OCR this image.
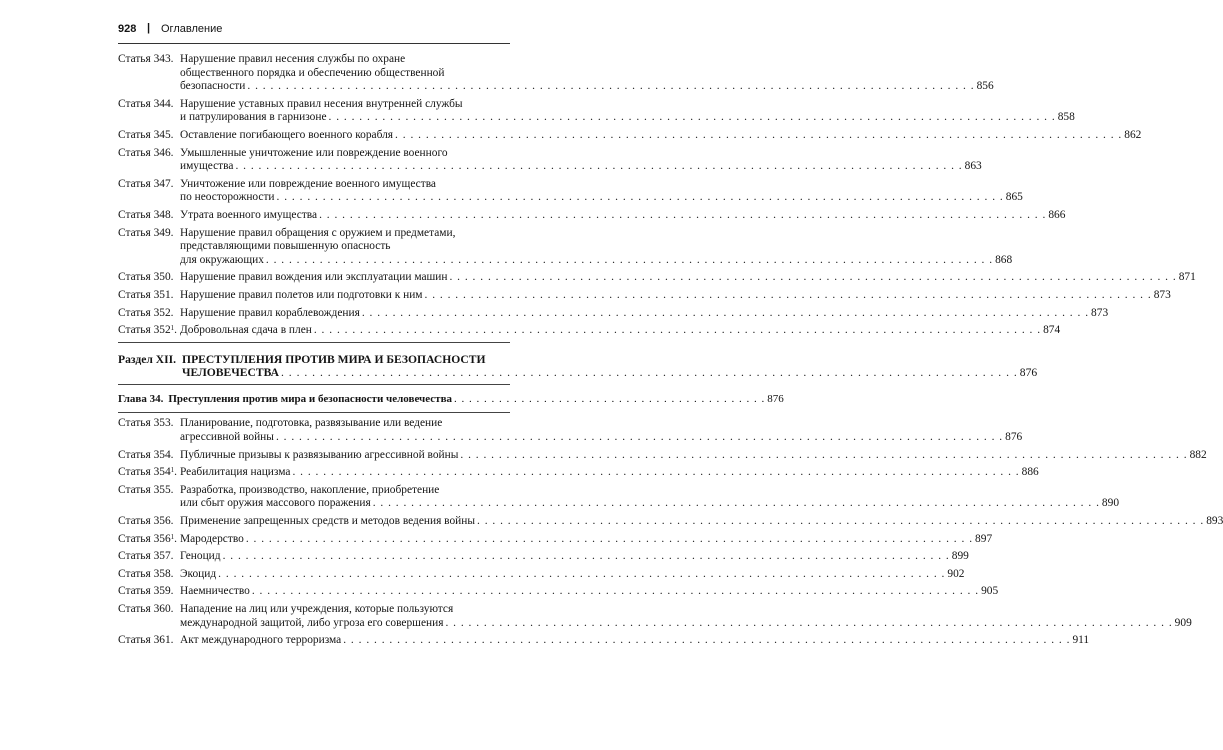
928 | Оглавление
Статья 343. Нарушение правил несения службы по охране
общественного порядка и обеспечению общественной
безопасности . . .	856
Статья 344. Нарушение уставных правил несения внутренней службы
и патрулирования в гарнизоне . . .	858
Статья 345. Оставление погибающего военного корабля . . .	862
Статья 346. Умышленные уничтожение или повреждение военного
имущества . . .	863
Статья 347. Уничтожение или повреждение военного имущества
по неосторожности . . .	865
Статья 348. Утрата военного имущества . . .	866
Статья 349. Нарушение правил обращения с оружием и предметами,
представляющими повышенную опасность
для окружающих . . .	868
Статья 350. Нарушение правил вождения или эксплуатации машин . . .	871
Статья 351. Нарушение правил полетов или подготовки к ним . . .	873
Статья 352. Нарушение правил кораблевождения . . .	873
Статья $352^1$. Добровольная сдача в плен . . .	874
Раздел XII. ПРЕСТУПЛЕНИЯ ПРОТИВ МИРА И БЕЗОПАСНОСТИ
ЧЕЛОВЕЧЕСТВА . . .	876
Глава 34. Преступления против мира и безопасности человечества . . .	876
Статья 353. Планирование, подготовка, развязывание или ведение
агрессивной войны . . .	876
Статья 354. Публичные призывы к развязыванию агрессивной войны . . .	882
Статья $354^1$. Реабилитация нацизма . . .	886
Статья 355. Разработка, производство, накопление, приобретение
или сбыт оружия массового поражения . . .	890
Статья 356. Применение запрещенных средств и методов ведения войны . . .	893
Статья $356^1$. Мародерство . . .	897
Статья 357. Геноцид . . .	899
Статья 358. Экоцид . . .	902
Статья 359. Наемничество . . .	905
Статья 360. Нападение на лиц или учреждения, которые пользуются
международной защитой, либо угроза его совершения . . .	909
Статья 361. Акт международного терроризма . . .	911
